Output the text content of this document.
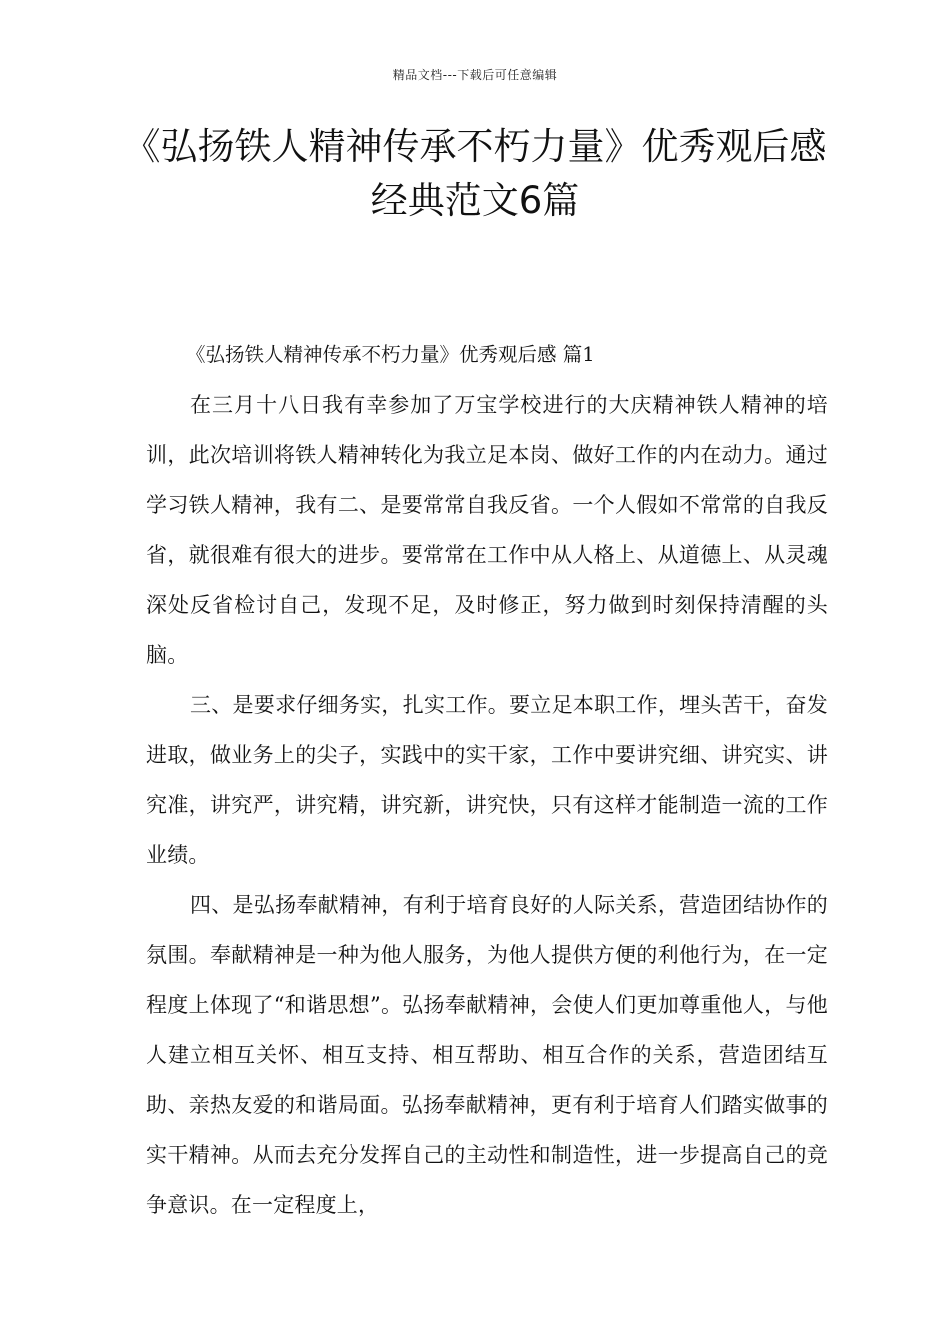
精品文档---下载后可任意编辑
《弘扬铁人精神传承不朽力量》优秀观后感经典范文6篇
《弘扬铁人精神传承不朽力量》优秀观后感 篇1

在三月十八日我有幸参加了万宝学校进行的大庆精神铁人精神的培训，此次培训将铁人精神转化为我立足本岗、做好工作的内在动力。通过学习铁人精神，我有二、是要常常自我反省。一个人假如不常常的自我反省，就很难有很大的进步。要常常在工作中从人格上、从道德上、从灵魂深处反省检讨自己，发现不足，及时修正，努力做到时刻保持清醒的头脑。

三、是要求仔细务实，扎实工作。要立足本职工作，埋头苦干，奋发进取，做业务上的尖子，实践中的实干家，工作中要讲究细、讲究实、讲究准，讲究严，讲究精，讲究新，讲究快，只有这样才能制造一流的工作业绩。

四、是弘扬奉献精神，有利于培育良好的人际关系，营造团结协作的氛围。奉献精神是一种为他人服务，为他人提供方便的利他行为，在一定程度上体现了“和谐思想”。弘扬奉献精神，会使人们更加尊重他人，与他人建立相互关怀、相互支持、相互帮助、相互合作的关系，营造团结互助、亲热友爱的和谐局面。弘扬奉献精神，更有利于培育人们踏实做事的实干精神。从而去充分发挥自己的主动性和制造性，进一步提高自己的竞争意识。在一定程度上，
